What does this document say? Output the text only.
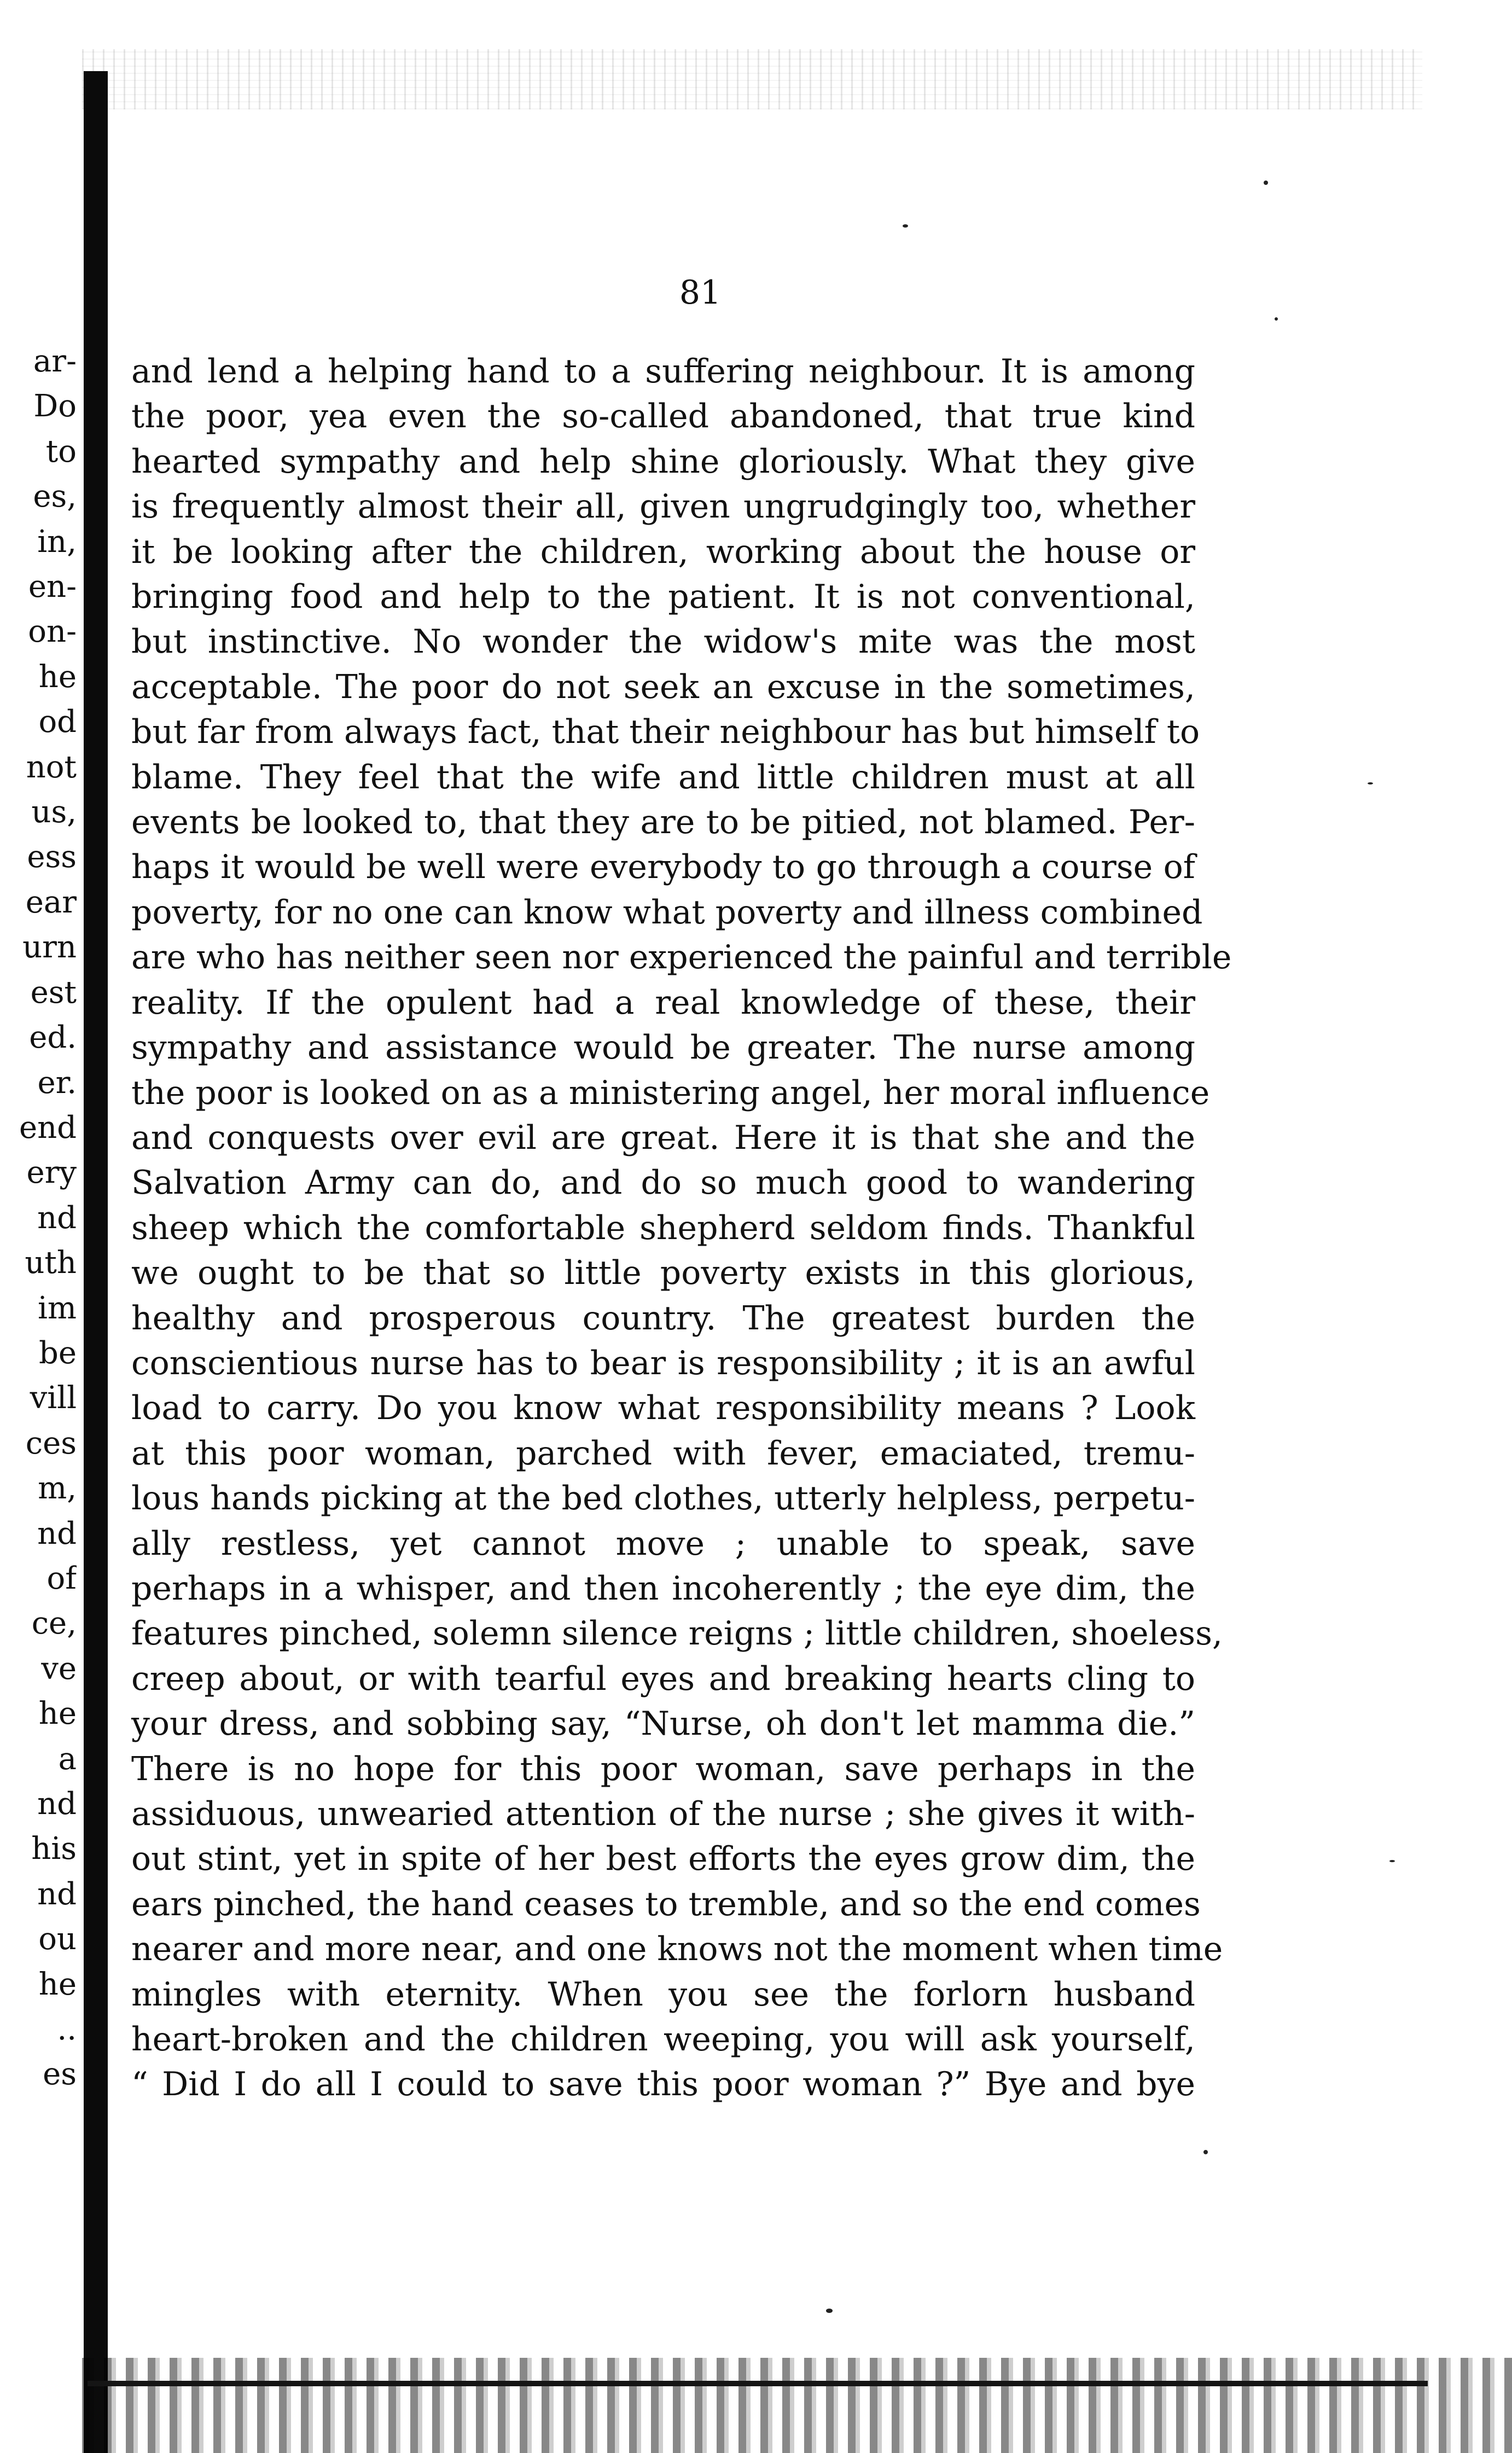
81
ar-
Do
to
es,
in,
en-
on-
he
od
not
us,
ess
ear
urn
est
ed.
er.
end
ery
nd
uth
im
be
vill
ces
m,
nd
of
ce,
ve
he
a
nd
his
nd
ou
he
..
es
and lend a helping hand to a suffering neighbour. It is among
the poor, yea even the so-called abandoned, that true kind
hearted sympathy and help shine gloriously. What they give
is frequently almost their all, given ungrudgingly too, whether
it be looking after the children, working about the house or
bringing food and help to the patient. It is not conventional,
but instinctive. No wonder the widow's mite was the most
acceptable. The poor do not seek an excuse in the sometimes,
but far from always fact, that their neighbour has but himself to
blame. They feel that the wife and little children must at all
events be looked to, that they are to be pitied, not blamed. Per-
haps it would be well were everybody to go through a course of
poverty, for no one can know what poverty and illness combined
are who has neither seen nor experienced the painful and terrible
reality. If the opulent had a real knowledge of these, their
sympathy and assistance would be greater. The nurse among
the poor is looked on as a ministering angel, her moral influence
and conquests over evil are great. Here it is that she and the
Salvation Army can do, and do so much good to wandering
sheep which the comfortable shepherd seldom finds. Thankful
we ought to be that so little poverty exists in this glorious,
healthy and prosperous country. The greatest burden the
conscientious nurse has to bear is responsibility ; it is an awful
load to carry. Do you know what responsibility means ? Look
at this poor woman, parched with fever, emaciated, tremu-
lous hands picking at the bed clothes, utterly helpless, perpetu-
ally restless, yet cannot move ; unable to speak, save
perhaps in a whisper, and then incoherently ; the eye dim, the
features pinched, solemn silence reigns ; little children, shoeless,
creep about, or with tearful eyes and breaking hearts cling to
your dress, and sobbing say, “Nurse, oh don't let mamma die.”
There is no hope for this poor woman, save perhaps in the
assiduous, unwearied attention of the nurse ; she gives it with-
out stint, yet in spite of her best efforts the eyes grow dim, the
ears pinched, the hand ceases to tremble, and so the end comes
nearer and more near, and one knows not the moment when time
mingles with eternity. When you see the forlorn husband
heart-broken and the children weeping, you will ask yourself,
“ Did I do all I could to save this poor woman ?” Bye and bye
